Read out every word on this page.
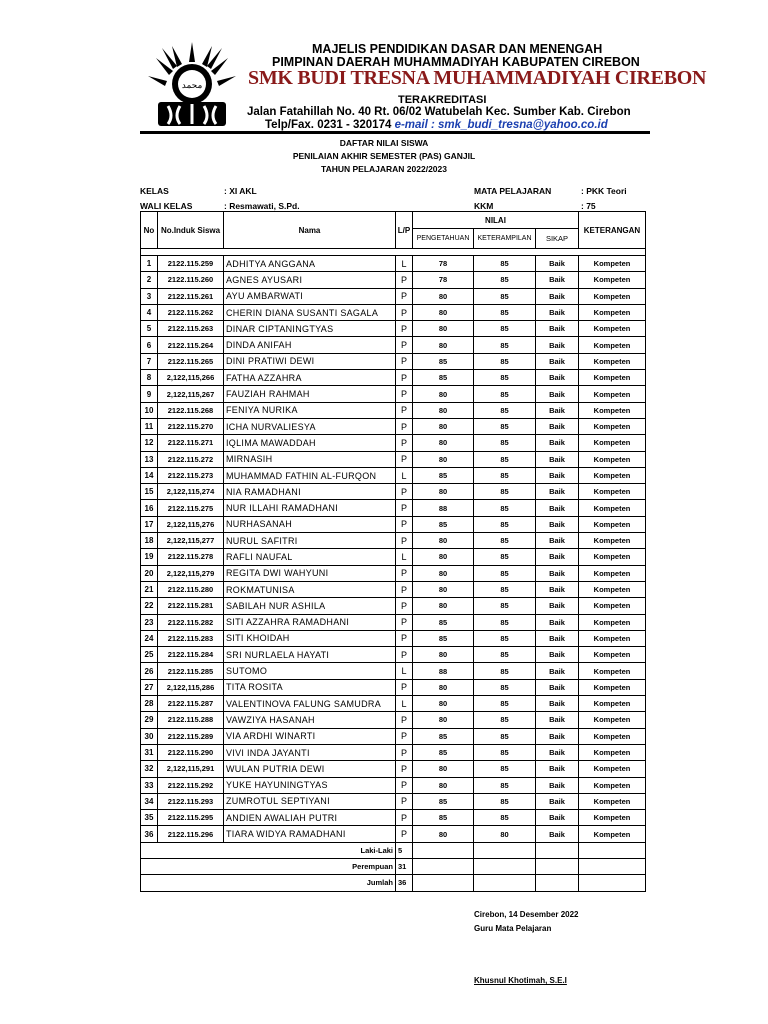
محمد
MAJELIS PENDIDIKAN DASAR DAN MENENGAH
PIMPINAN DAERAH MUHAMMADIYAH KABUPATEN CIREBON
SMK BUDI TRESNA MUHAMMADIYAH CIREBON
TERAKREDITASI
Jalan Fatahillah No. 40 Rt. 06/02 Watubelah Kec. Sumber Kab. Cirebon
Telp/Fax. 0231 - 320174 e-mail : smk_budi_tresna@yahoo.co.id
DAFTAR NILAI SISWA
PENILAIAN AKHIR SEMESTER (PAS) GANJIL
TAHUN PELAJARAN 2022/2023
KELAS	: XI AKL
WALI KELAS	: Resmawati, S.Pd.
MATA PELAJARAN	: PKK Teori
KKM	: 75
No	No.Induk Siswa	Nama	L/P	NILAI			KETERANGAN
				PENGETAHUAN	KETERAMPILAN	SIKAP	

1	2122.115.259	ADHITYA ANGGANA	L	78	85	Baik	Kompeten
2	2122.115.260	AGNES AYUSARI	P	78	85	Baik	Kompeten
3	2122.115.261	AYU AMBARWATI	P	80	85	Baik	Kompeten
4	2122.115.262	CHERIN DIANA SUSANTI SAGALA	P	80	85	Baik	Kompeten
5	2122.115.263	DINAR CIPTANINGTYAS	P	80	85	Baik	Kompeten
6	2122.115.264	DINDA ANIFAH	P	80	85	Baik	Kompeten
7	2122.115.265	DINI PRATIWI DEWI	P	85	85	Baik	Kompeten
8	2,122,115,266	FATHA AZZAHRA	P	85	85	Baik	Kompeten
9	2,122,115,267	FAUZIAH RAHMAH	P	80	85	Baik	Kompeten
10	2122.115.268	FENIYA NURIKA	P	80	85	Baik	Kompeten
11	2122.115.270	ICHA NURVALIESYA	P	80	85	Baik	Kompeten
12	2122.115.271	IQLIMA MAWADDAH	P	80	85	Baik	Kompeten
13	2122.115.272	MIRNASIH	P	80	85	Baik	Kompeten
14	2122.115.273	MUHAMMAD FATHIN AL-FURQON	L	85	85	Baik	Kompeten
15	2,122,115,274	NIA RAMADHANI	P	80	85	Baik	Kompeten
16	2122.115.275	NUR ILLAHI RAMADHANI	P	88	85	Baik	Kompeten
17	2,122,115,276	NURHASANAH	P	85	85	Baik	Kompeten
18	2,122,115,277	NURUL SAFITRI	P	80	85	Baik	Kompeten
19	2122.115.278	RAFLI NAUFAL	L	80	85	Baik	Kompeten
20	2,122,115,279	REGITA DWI WAHYUNI	P	80	85	Baik	Kompeten
21	2122.115.280	ROKMATUNISA	P	80	85	Baik	Kompeten
22	2122.115.281	SABILAH NUR ASHILA	P	80	85	Baik	Kompeten
23	2122.115.282	SITI AZZAHRA RAMADHANI	P	85	85	Baik	Kompeten
24	2122.115.283	SITI KHOIDAH	P	85	85	Baik	Kompeten
25	2122.115.284	SRI NURLAELA HAYATI	P	80	85	Baik	Kompeten
26	2122.115.285	SUTOMO	L	88	85	Baik	Kompeten
27	2,122,115,286	TITA ROSITA	P	80	85	Baik	Kompeten
28	2122.115.287	VALENTINOVA FALUNG SAMUDRA	L	80	85	Baik	Kompeten
29	2122.115.288	VAWZIYA HASANAH	P	80	85	Baik	Kompeten
30	2122.115.289	VIA ARDHI WINARTI	P	85	85	Baik	Kompeten
31	2122.115.290	VIVI INDA JAYANTI	P	85	85	Baik	Kompeten
32	2,122,115,291	WULAN PUTRIA DEWI	P	80	85	Baik	Kompeten
33	2122.115.292	YUKE HAYUNINGTYAS	P	80	85	Baik	Kompeten
34	2122.115.293	ZUMROTUL SEPTIYANI	P	85	85	Baik	Kompeten
35	2122.115.295	ANDIEN AWALIAH PUTRI	P	85	85	Baik	Kompeten
36	2122.115.296	TIARA WIDYA RAMADHANI	P	80	80	Baik	Kompeten
Laki-Laki			5				
Perempuan			31				
Jumlah			36				
Cirebon, 14 Desember 2022
Guru Mata Pelajaran
Khusnul Khotimah, S.E.I
